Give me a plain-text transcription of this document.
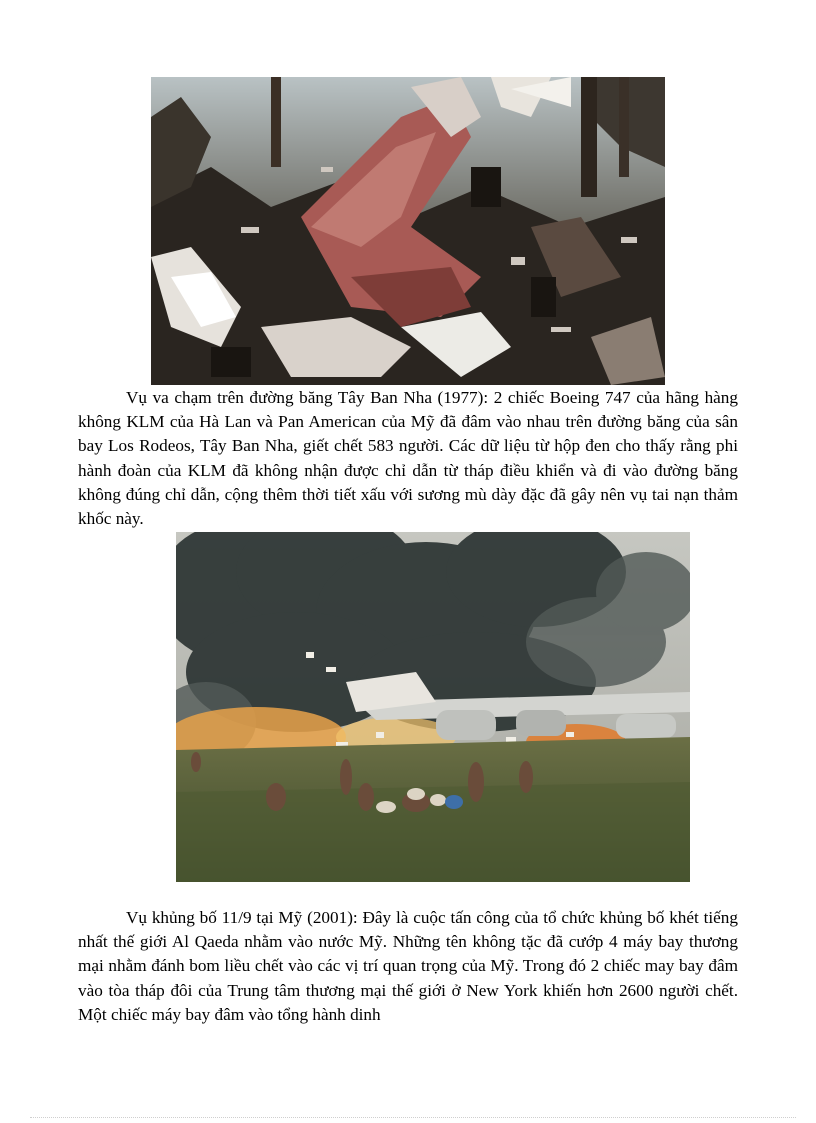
Vụ va chạm trên đường băng Tây Ban Nha (1977): 2 chiếc Boeing 747 của hãng hàng không KLM của Hà Lan và Pan American của Mỹ đã đâm vào nhau trên đường băng của sân bay Los Rodeos, Tây Ban Nha, giết chết 583 người. Các dữ liệu từ hộp đen cho thấy rằng phi hành đoàn của KLM đã không nhận được chỉ dẫn từ tháp điều khiển và đi vào đường băng không đúng chỉ dẫn, cộng thêm thời tiết xấu với sương mù dày đặc đã gây nên vụ tai nạn thảm khốc này.

Vụ khủng bố 11/9 tại Mỹ (2001): Đây là cuộc tấn công của tổ chức khủng bố khét tiếng nhất thế giới Al Qaeda nhằm vào nước Mỹ. Những tên không tặc đã cướp 4 máy bay thương mại nhằm đánh bom liều chết vào các vị trí quan trọng của Mỹ. Trong đó 2 chiếc may bay đâm vào tòa tháp đôi của Trung tâm thương mại thế giới ở New York khiến hơn 2600 người chết. Một chiếc máy bay đâm vào tổng hành dinh
